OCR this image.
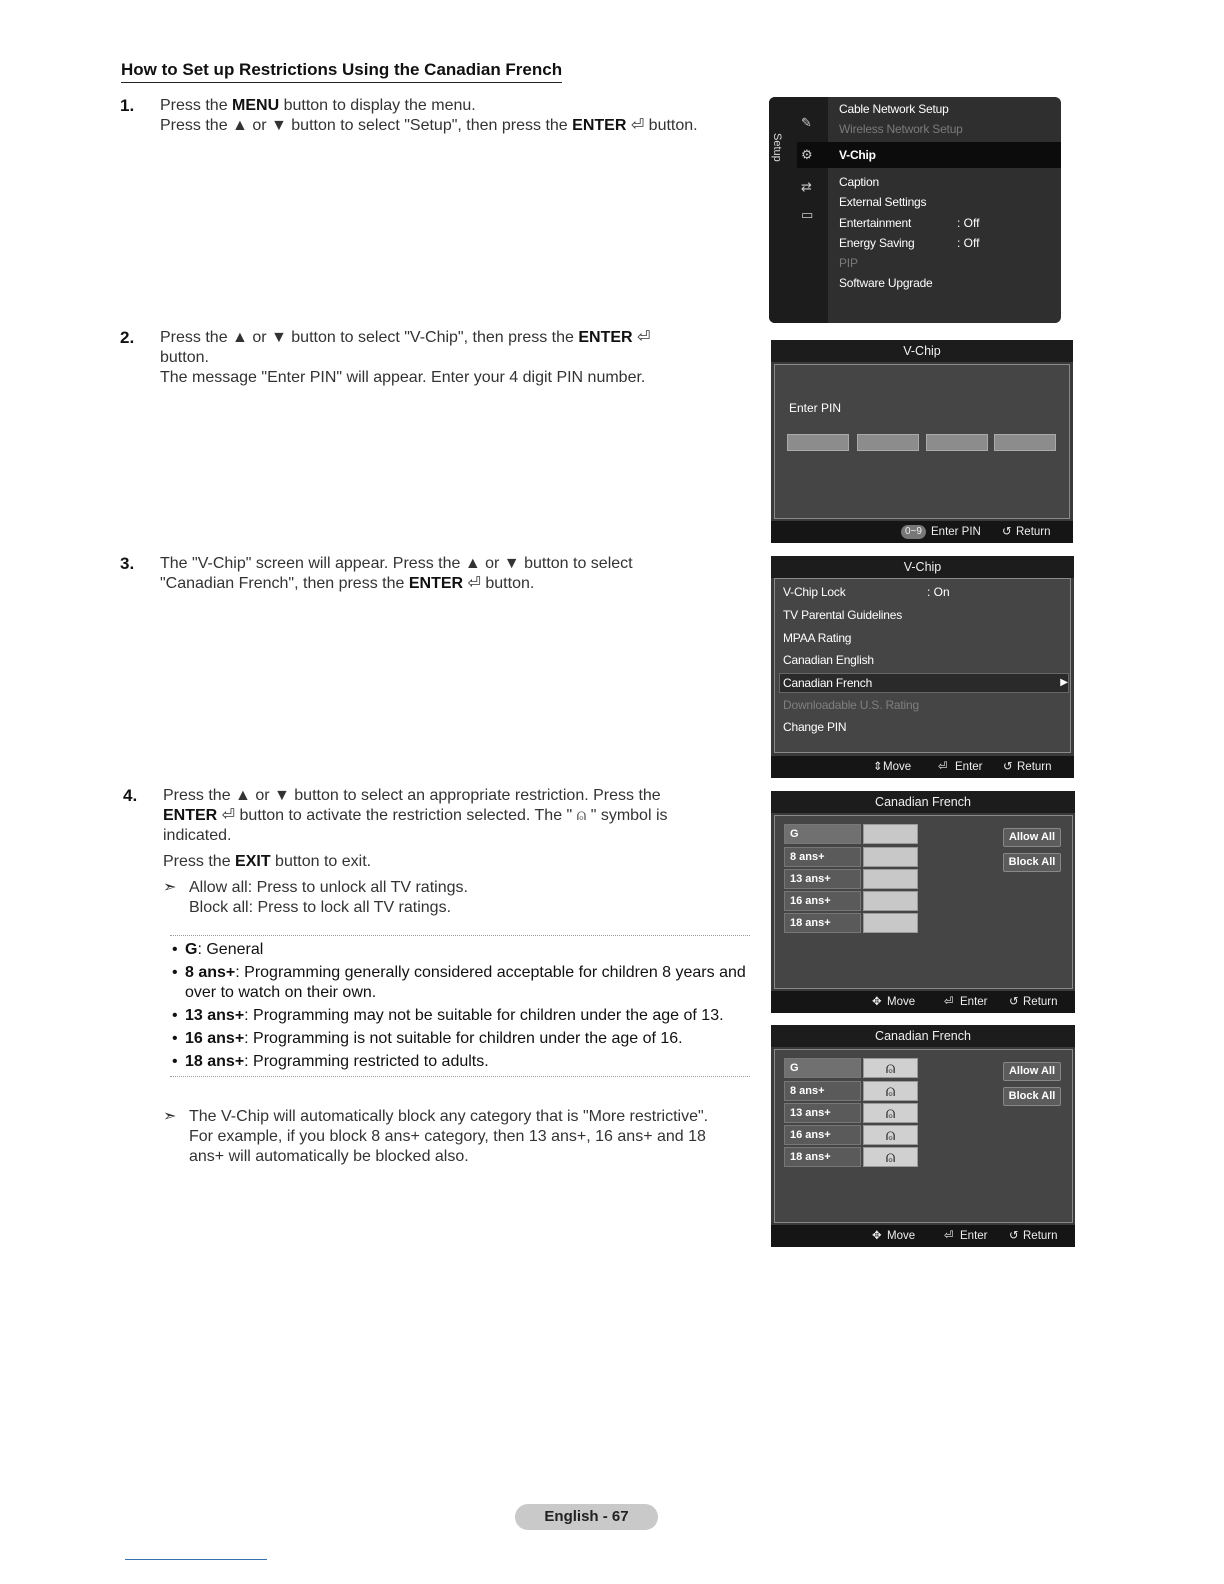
How to Set up Restrictions Using the Canadian French
1. Press the MENU button to display the menu.

Press the ▲ or ▼ button to select "Setup", then press the ENTER ⏎ button.

2. Press the ▲ or ▼ button to select "V-Chip", then press the ENTER ⏎

button.

The message "Enter PIN" will appear. Enter your 4 digit PIN number.

3. The "V-Chip" screen will appear. Press the ▲ or ▼ button to select

"Canadian French", then press the ENTER ⏎ button.

4. Press the ▲ or ▼ button to select an appropriate restriction. Press the

ENTER ⏎ button to activate the restriction selected. The " ⍝ " symbol is

indicated.

Press the EXIT button to exit.

➣ Allow all: Press to unlock all TV ratings.

Block all: Press to lock all TV ratings.

• G: General
• 8 ans+: Programming generally considered acceptable for children 8 years and over to watch on their own.
• 13 ans+: Programming may not be suitable for children under the age of 13.
• 16 ans+: Programming is not suitable for children under the age of 16.
• 18 ans+: Programming restricted to adults.
➣ The V-Chip will automatically block any category that is "More restrictive".

For example, if you block 8 ans+ category, then 13 ans+, 16 ans+ and 18

ans+ will automatically be blocked also.

Setup
✎
⚙
⇄
▭
Cable Network Setup
Wireless Network Setup
V-Chip
Caption
External Settings
Entertainment	: Off
Energy Saving	: Off
PIP
Software Upgrade
V-Chip
Enter PIN
0~9 Enter PIN ↺ Return
V-Chip
V-Chip Lock	: On
TV Parental Guidelines
MPAA Rating
Canadian English
Canadian French	▶
Downloadable U.S. Rating
Change PIN
⇕ Move ⏎ Enter ↺ Return
Canadian French
G
8 ans+
13 ans+
16 ans+
18 ans+
Allow All
Block All
✥ Move	⏎ Enter ↺ Return
Canadian French
G	⍝
8 ans+	⍝
13 ans+	⍝
16 ans+	⍝
18 ans+	⍝
Allow All
Block All
✥ Move	⏎ Enter ↺ Return
English - 67
